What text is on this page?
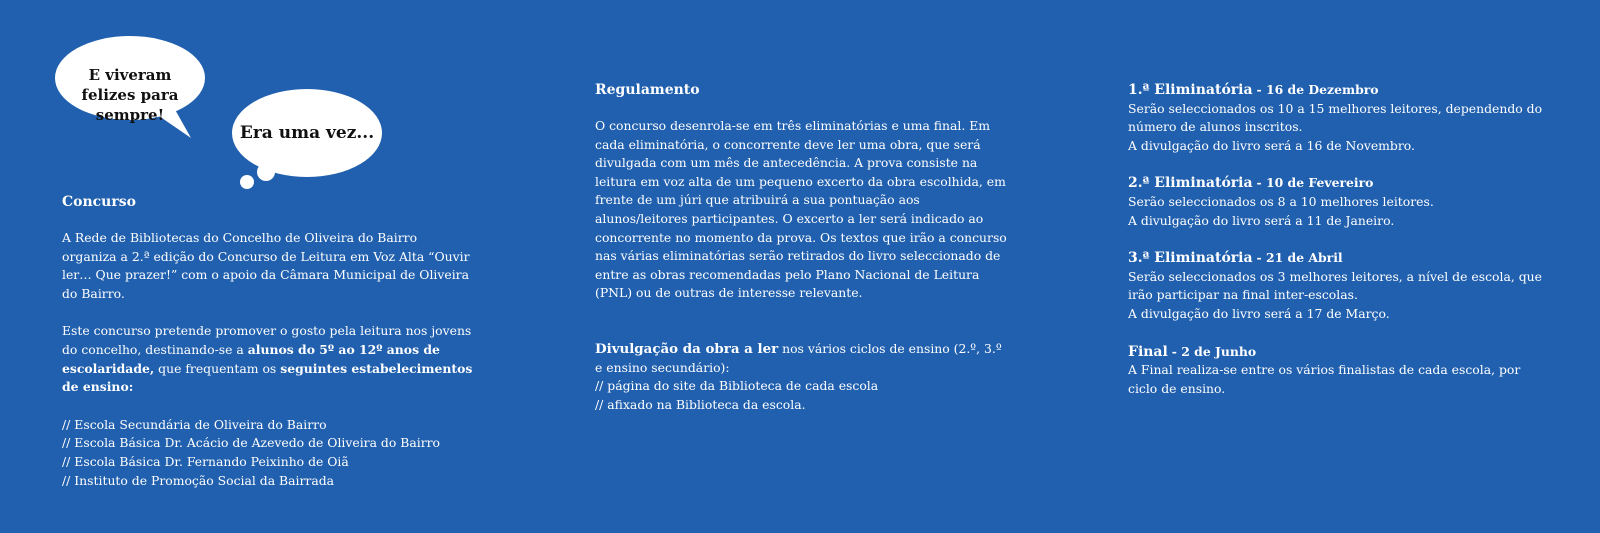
E viveram felizes para sempre!
Era uma vez...

Concurso

A Rede de Bibliotecas do Concelho de Oliveira do Bairro organiza a 2.ª edição do Concurso de Leitura em Voz Alta “Ouvir ler… Que prazer!” com o apoio da Câmara Municipal de Oliveira do Bairro.

Este concurso pretende promover o gosto pela leitura nos jovens do concelho, destinando-se a alunos do 5º ao 12º anos de escolaridade, que frequentam os seguintes estabelecimentos de ensino:

// Escola Secundária de Oliveira do Bairro

// Escola Básica Dr. Acácio de Azevedo de Oliveira do Bairro

// Escola Básica Dr. Fernando Peixinho de Oiã

// Instituto de Promoção Social da Bairrada

Regulamento

O concurso desenrola-se em três eliminatórias e uma final. Em cada eliminatória, o concorrente deve ler uma obra, que será divulgada com um mês de antecedência. A prova consiste na leitura em voz alta de um pequeno excerto da obra escolhida, em frente de um júri que atribuirá a sua pontuação aos alunos/leitores participantes. O excerto a ler será indicado ao concorrente no momento da prova. Os textos que irão a concurso nas várias eliminatórias serão retirados do livro seleccionado de entre as obras recomendadas pelo Plano Nacional de Leitura (PNL) ou de outras de interesse relevante.

Divulgação da obra a ler nos vários ciclos de ensino (2.º, 3.º e ensino secundário):

// página do site da Biblioteca de cada escola

// afixado na Biblioteca da escola.

1.ª Eliminatória - 16 de Dezembro

Serão seleccionados os 10 a 15 melhores leitores, dependendo do número de alunos inscritos.

A divulgação do livro será a 16 de Novembro.

2.ª Eliminatória - 10 de Fevereiro

Serão seleccionados os 8 a 10 melhores leitores.

A divulgação do livro será a 11 de Janeiro.

3.ª Eliminatória - 21 de Abril

Serão seleccionados os 3 melhores leitores, a nível de escola, que irão participar na final inter-escolas.

A divulgação do livro será a 17 de Março.

Final - 2 de Junho

A Final realiza-se entre os vários finalistas de cada escola, por ciclo de ensino.
